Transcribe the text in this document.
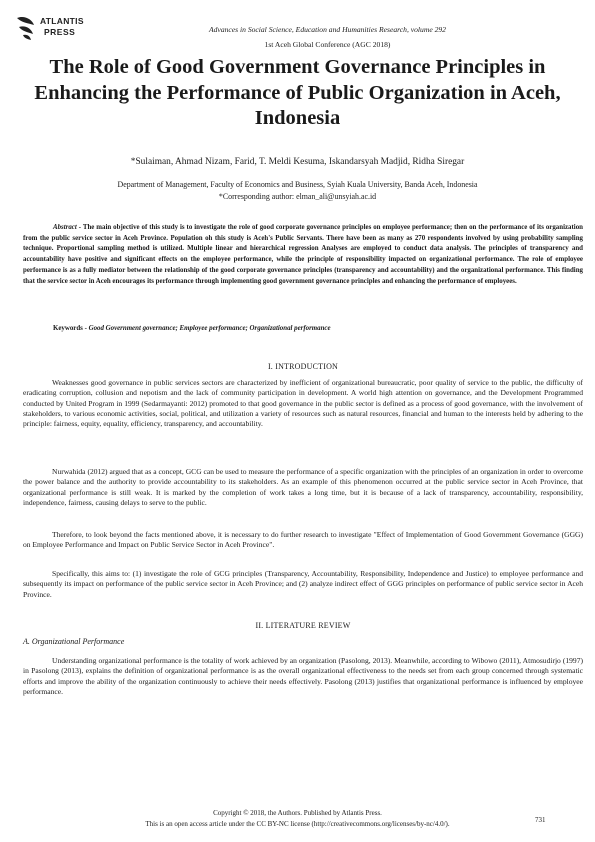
ATLANTIS
PRESS	Advances in Social Science, Education and Humanities Research, volume 292
1st Aceh Global Conference (AGC 2018)
The Role of Good Government Governance Principles in Enhancing the Performance of Public Organization in Aceh, Indonesia
*Sulaiman, Ahmad Nizam, Farid, T. Meldi Kesuma, Iskandarsyah Madjid, Ridha Siregar
Department of Management, Faculty of Economics and Business, Syiah Kuala University, Banda Aceh, Indonesia
*Corresponding author: elman_ali@unsyiah.ac.id

Abstract - The main objective of this study is to investigate the role of good corporate governance principles on employee performance; then on the performance of its organization from the public service sector in Aceh Province. Population oh this study is Aceh's Public Servants. There have been as many as 270 respondents involved by using probability sampling technique. Proportional sampling method is utilized. Multiple linear and hierarchical regression Analyses are employed to conduct data analysis. The principles of transparency and accountability have positive and significant effects on the employee performance, while the principle of responsibility impacted on organizational performance. The role of employee performance is as a fully mediator between the relationship of the good corporate governance principles (transparency and accountability) and the organizational performance. This finding that the service sector in Aceh encourages its performance through implementing good government governance principles and enhancing the performance of employees.

Keywords - Good Government governance; Employee performance; Organizational performance
I. INTRODUCTION

Weaknesses good governance in public services sectors are characterized by inefficient of organizational bureaucratic, poor quality of service to the public, the difficulty of eradicating corruption, collusion and nepotism and the lack of community participation in development. A world high attention on governance, and the Development Programmed conducted by United Program in 1999 (Sedarmayanti: 2012) promoted to that good governance in the public sector is defined as a process of good governance, with the involvement of stakeholders, to various economic activities, social, political, and utilization a variety of resources such as natural resources, financial and human to the interests held by adhering to the principle: fairness, equity, equality, efficiency, transparency, and accountability.

Nurwahida (2012) argued that as a concept, GCG can be used to measure the performance of a specific organization with the principles of an organization in order to overcome the power balance and the authority to provide accountability to its stakeholders. As an example of this phenomenon occurred at the public service sector in Aceh Province, that organizational performance is still weak. It is marked by the completion of work takes a long time, but it is because of a lack of transparency, accountability, responsibility, independence, fairness, causing delays to serve to the public.

Therefore, to look beyond the facts mentioned above, it is necessary to do further research to investigate "Effect of Implementation of Good Government Governance (GGG) on Employee Performance and Impact on Public Service Sector in Aceh Province".

Specifically, this aims to: (1) investigate the role of GCG principles (Transparency, Accountability, Responsibility, Independence and Justice) to employee performance and subsequently its impact on performance of the public service sector in Aceh Province; and (2) analyze indirect effect of GGG principles on performance of public service sector in Aceh Province.

II. LITERATURE REVIEW
A. Organizational Performance

Understanding organizational performance is the totality of work achieved by an organization (Pasolong, 2013). Meanwhile, according to Wibowo (2011), Atmosudirjo (1997) in Pasolong (2013), explains the definition of organizational performance is as the overall organizational effectiveness to the needs set from each group concerned through systematic efforts and improve the ability of the organization continuously to achieve their needs effectively. Pasolong (2013) justifies that organizational performance is influenced by employee performance.

Copyright © 2018, the Authors. Published by Atlantis Press.
This is an open access article under the CC BY-NC license (http://creativecommons.org/licenses/by-nc/4.0/).	731
